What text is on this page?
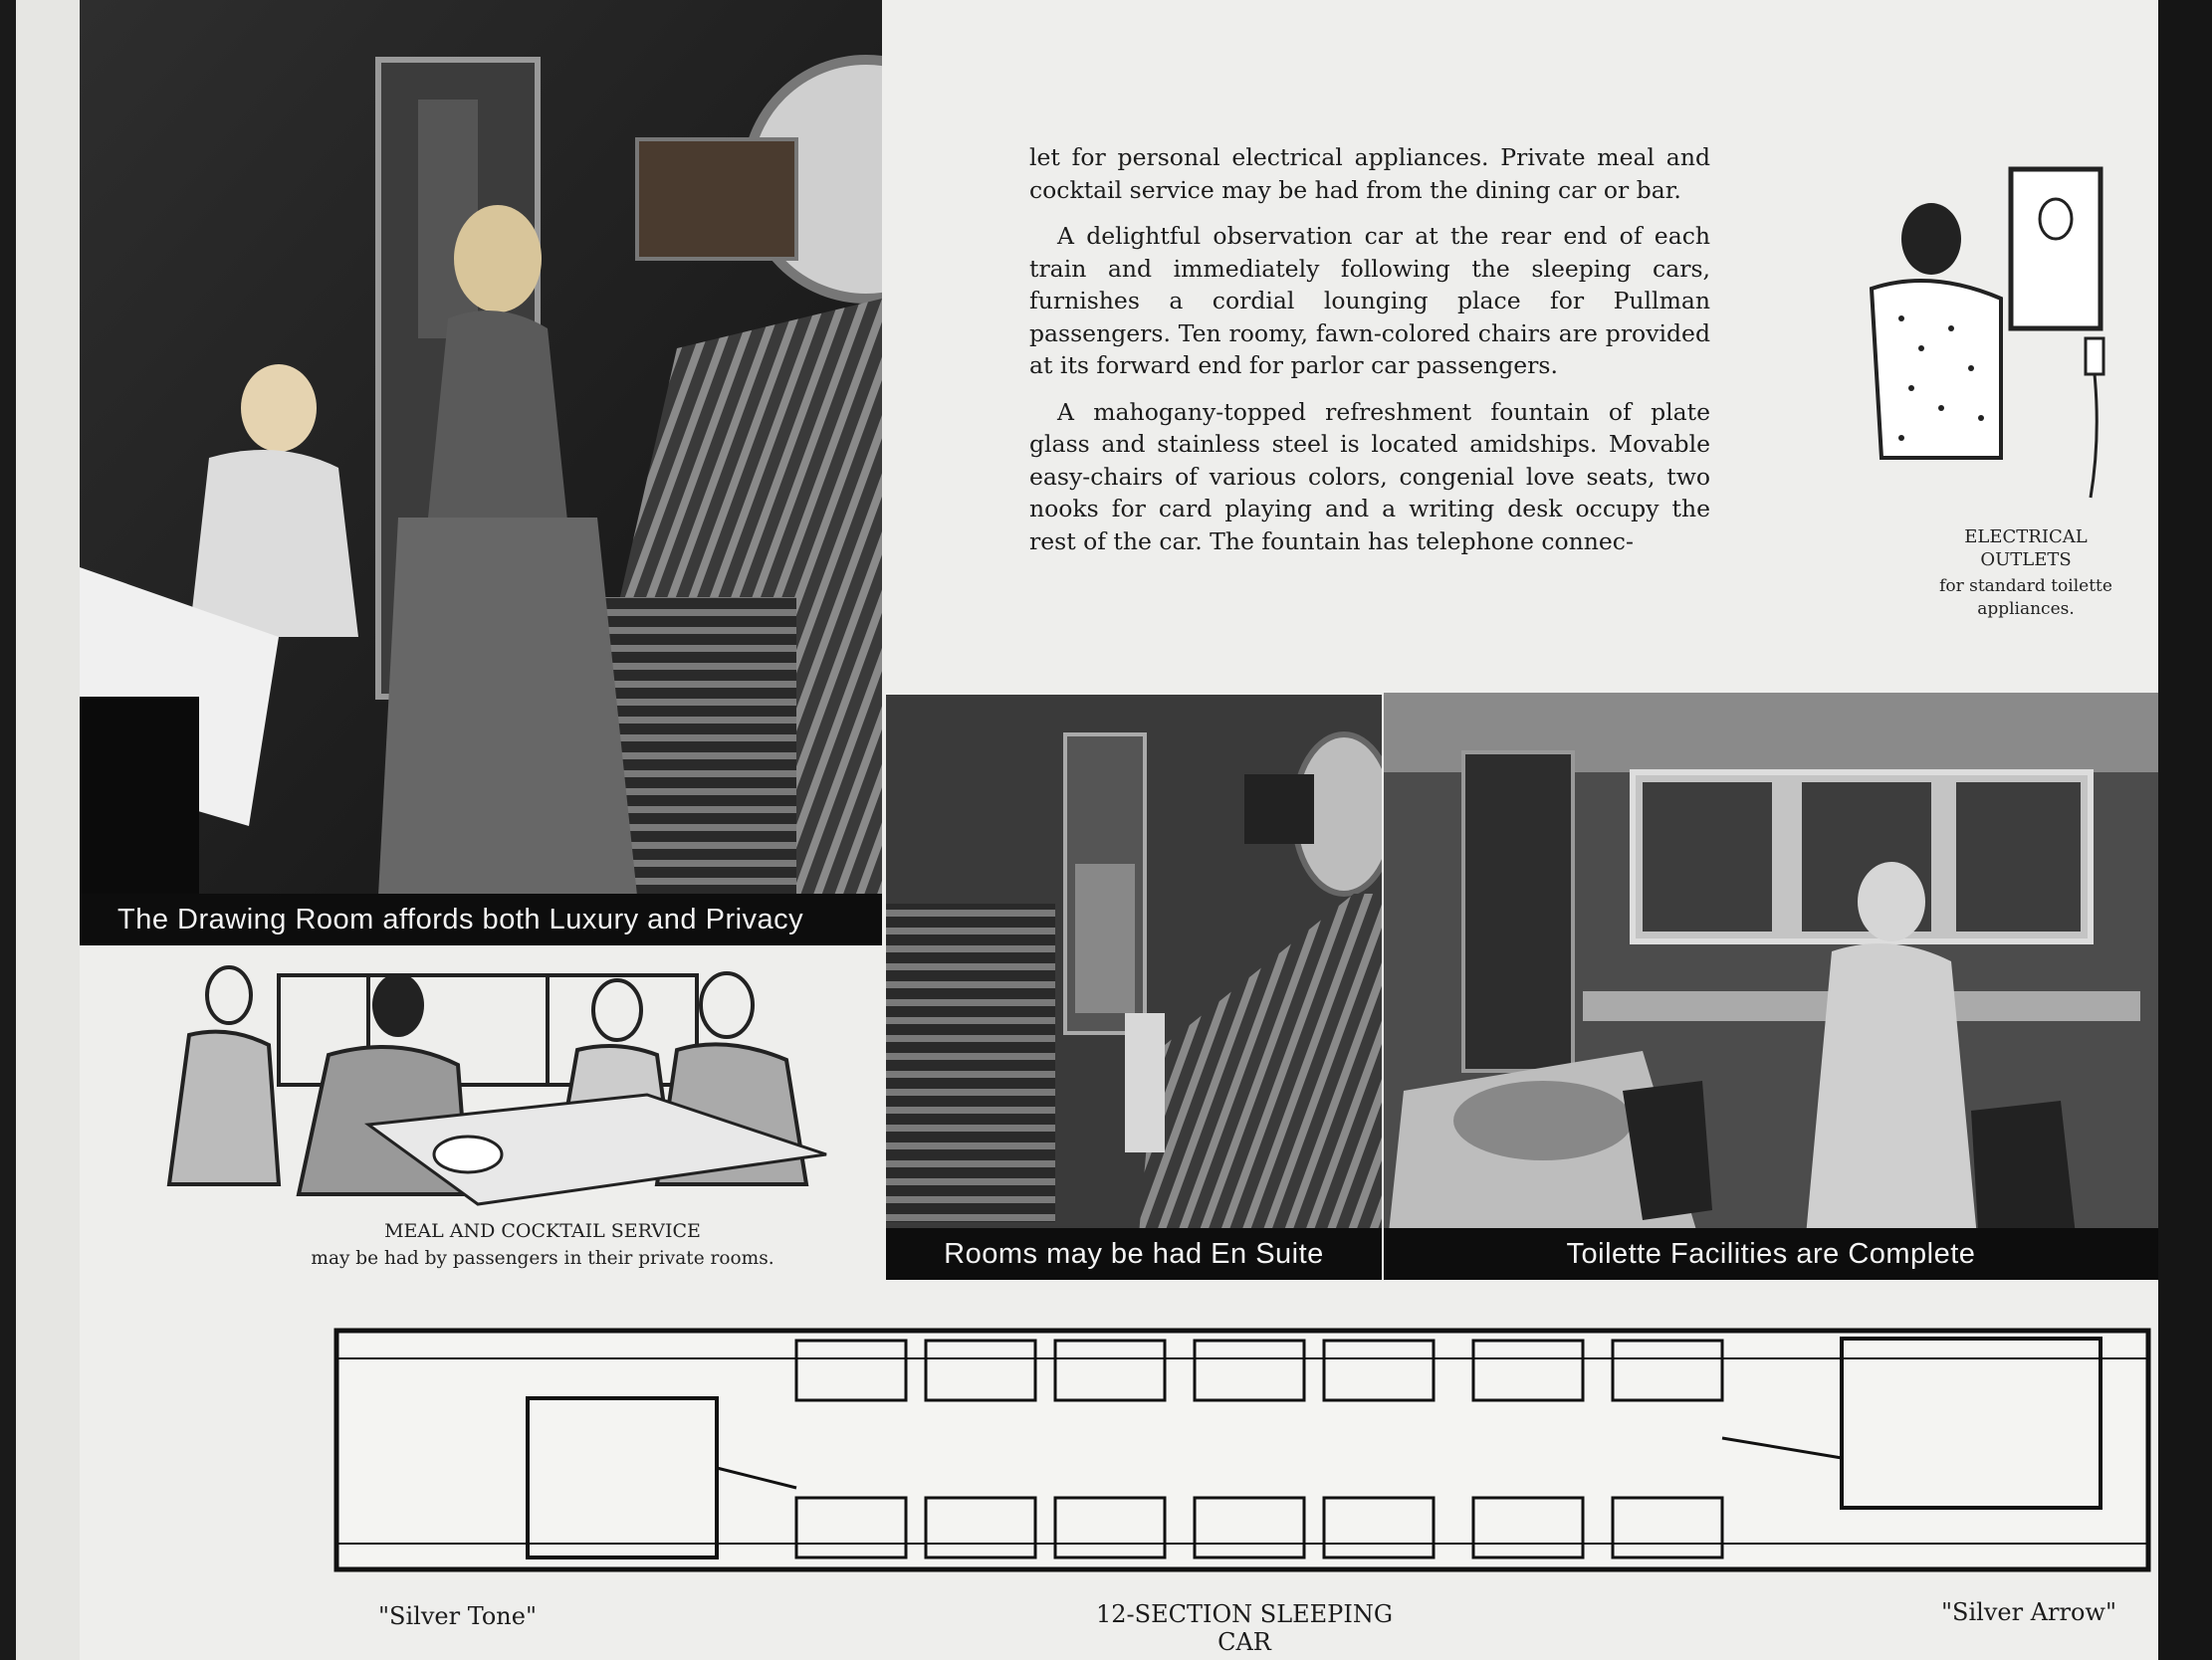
The Drawing Room affords both Luxury and Privacy
MEAL AND COCKTAIL SERVICE
may be had by passengers in their private rooms.

let for personal electrical appliances. Private meal and cocktail service may be had from the dining car or bar.

A delightful observation car at the rear end of each train and immediately following the sleeping cars, furnishes a cordial lounging place for Pullman passengers. Ten roomy, fawn-colored chairs are provided at its forward end for parlor car passengers.

A mahogany-topped refreshment fountain of plate glass and stainless steel is located amidships. Movable easy-chairs of various colors, congenial love seats, two nooks for card playing and a writing desk occupy the rest of the car. The fountain has telephone connec-	ELECTRICAL
OUTLETS
for standard toilette appliances.
Rooms may be had En Suite	Toilette Facilities are Complete
"Silver Tone"	12-SECTION SLEEPING CAR
"Silver Arrow"
